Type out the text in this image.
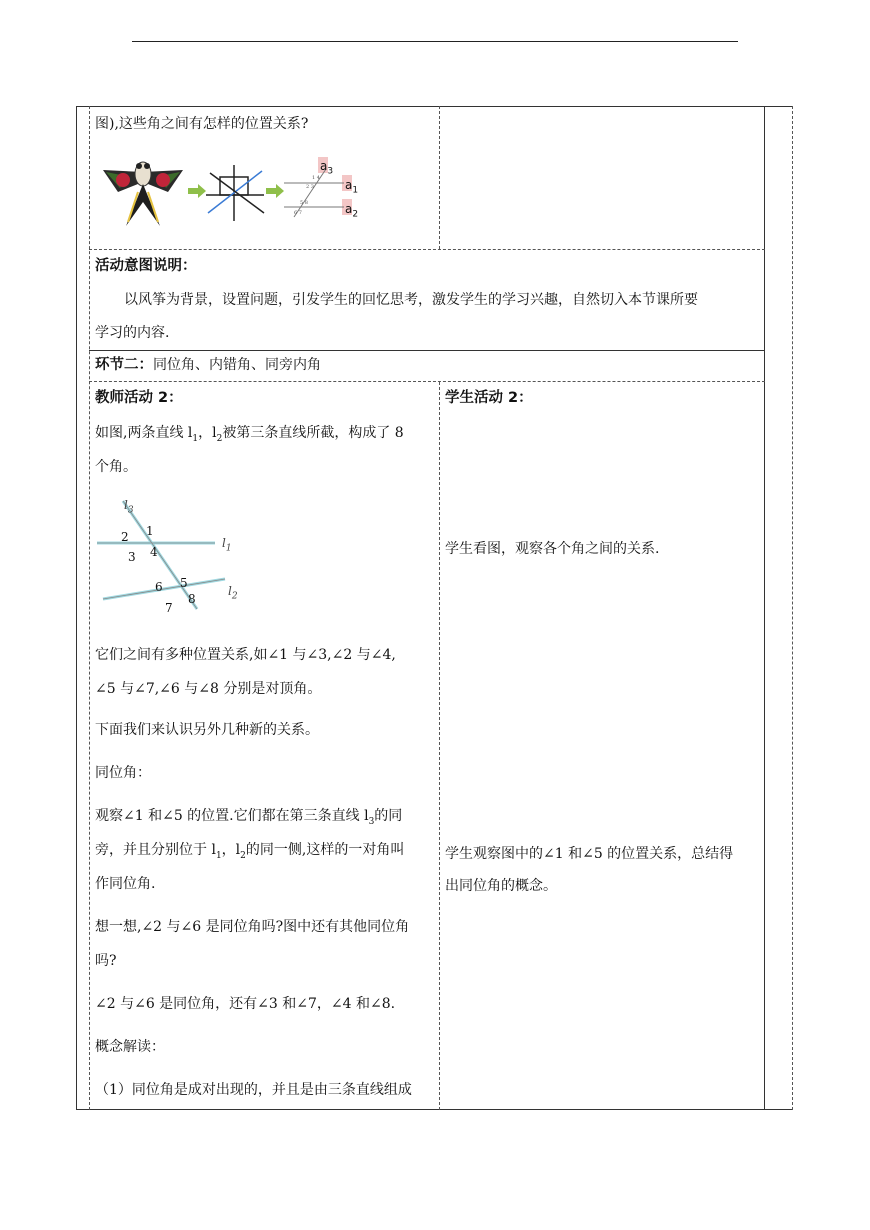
图),这些角之间有怎样的位置关系?
1 4
2 3
5 8
6 7
$a_3$
$a_1$
$a_2$
活动意图说明：
以风筝为背景，设置问题，引发学生的回忆思考，激发学生的学习兴趣，自然切入本节课所要
学习的内容.
环节二：同位角、内错角、同旁内角
教师活动 2：
如图,两条直线 $l_1$，$l_2$被第三条直线所截，构成了 8
个角。
$l_3$
$l_1$
$l_2$
1
2
3 4
5
6
7
8
它们之间有多种位置关系,如∠1 与∠3,∠2 与∠4,
∠5 与∠7,∠6 与∠8 分别是对顶角。
下面我们来认识另外几种新的关系。
同位角：
观察∠1 和∠5 的位置.它们都在第三条直线 $l_3$的同
旁，并且分别位于 $l_1$，$l_2$的同一侧,这样的一对角叫
作同位角.
想一想,∠2 与∠6 是同位角吗?图中还有其他同位角
吗?
∠2 与∠6 是同位角，还有∠3 和∠7，∠4 和∠8.
概念解读：
（1）同位角是成对出现的，并且是由三条直线组成
学生活动 2：
学生看图，观察各个角之间的关系.
学生观察图中的∠1 和∠5 的位置关系，总结得
出同位角的概念。
